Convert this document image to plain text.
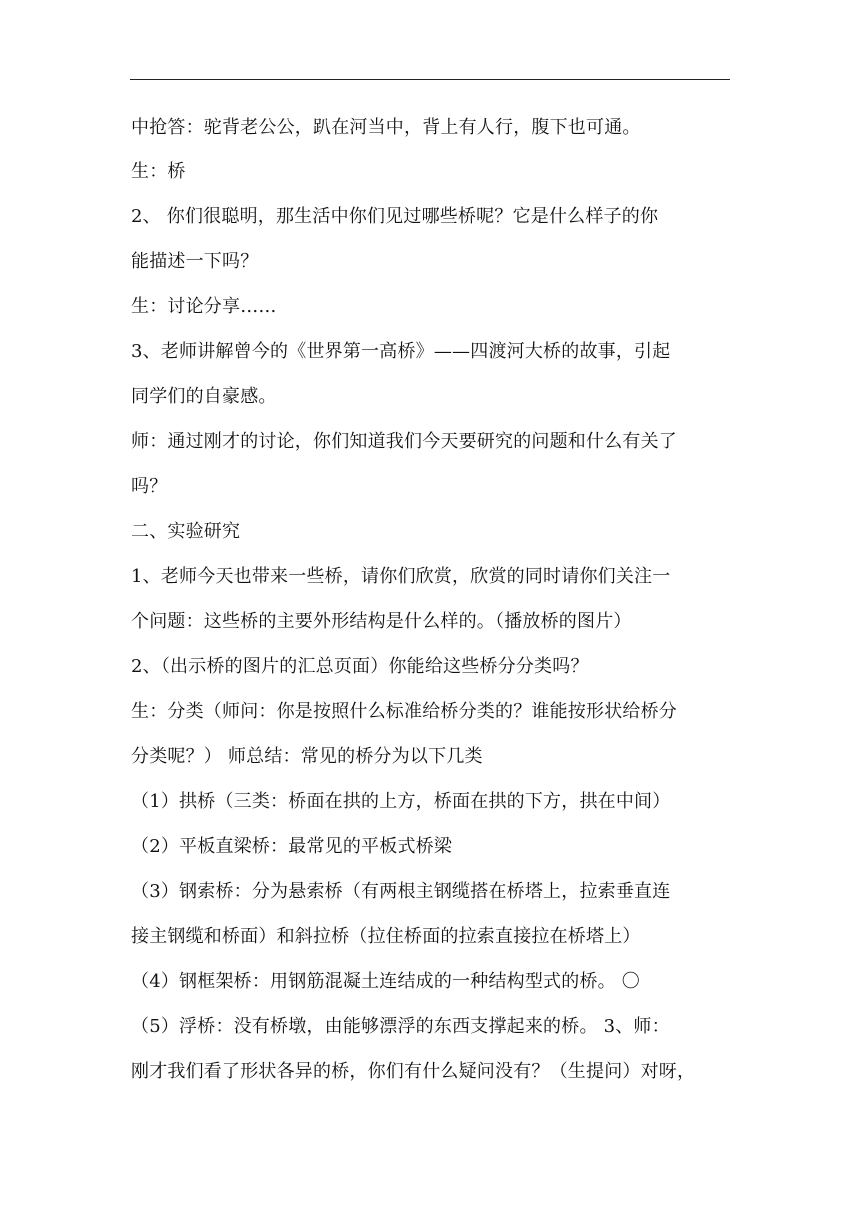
中抢答：驼背老公公，趴在河当中，背上有人行，腹下也可通。
生：桥
2、 你们很聪明，那生活中你们见过哪些桥呢？它是什么样子的你
能描述一下吗？
生：讨论分享……
3、老师讲解曾今的《世界第一高桥》——四渡河大桥的故事，引起
同学们的自豪感。
师：通过刚才的讨论，你们知道我们今天要研究的问题和什么有关了
吗？
二、实验研究
1、老师今天也带来一些桥，请你们欣赏，欣赏的同时请你们关注一
个问题：这些桥的主要外形结构是什么样的。（播放桥的图片）
2、（出示桥的图片的汇总页面）你能给这些桥分分类吗？
生：分类（师问：你是按照什么标准给桥分类的？谁能按形状给桥分
分类呢？） 师总结：常见的桥分为以下几类
（1）拱桥（三类：桥面在拱的上方，桥面在拱的下方，拱在中间）
（2）平板直梁桥：最常见的平板式桥梁
（3）钢索桥：分为悬索桥（有两根主钢缆搭在桥塔上，拉索垂直连
接主钢缆和桥面）和斜拉桥（拉住桥面的拉索直接拉在桥塔上）
（4）钢框架桥：用钢筋混凝土连结成的一种结构型式的桥。 〇
（5）浮桥：没有桥墩，由能够漂浮的东西支撑起来的桥。 3、师：
刚才我们看了形状各异的桥，你们有什么疑问没有？（生提问）对呀，
